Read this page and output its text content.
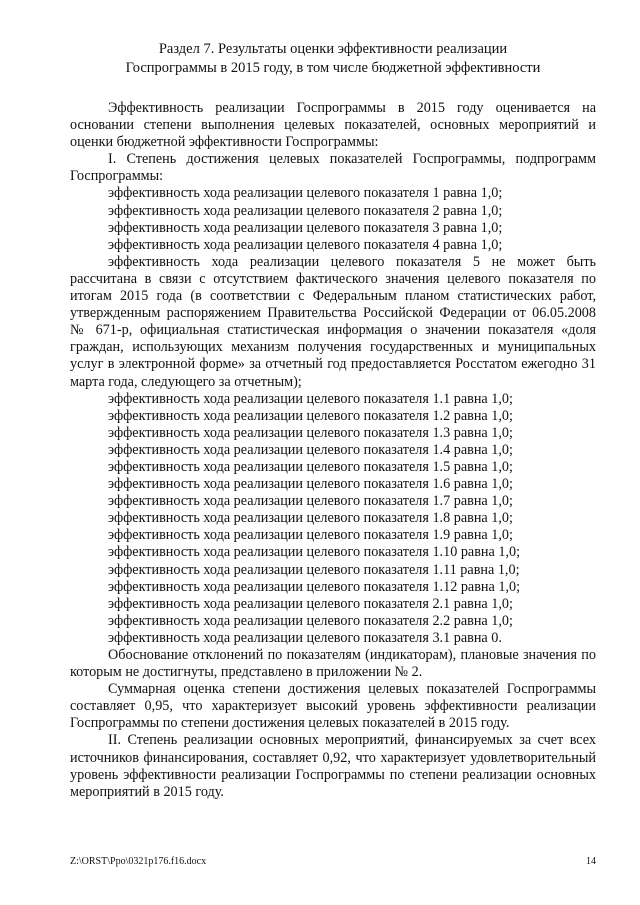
Раздел 7. Результаты оценки эффективности реализации
Госпрограммы в 2015 году, в том числе бюджетной эффективности

Эффективность реализации Госпрограммы в 2015 году оценивается на основании степени выполнения целевых показателей, основных мероприятий и оценки бюджетной эффективности Госпрограммы:

I. Степень достижения целевых показателей Госпрограммы, подпрограмм Госпрограммы:

эффективность хода реализации целевого показателя 1 равна 1,0;

эффективность хода реализации целевого показателя 2 равна 1,0;

эффективность хода реализации целевого показателя 3 равна 1,0;

эффективность хода реализации целевого показателя 4 равна 1,0;

эффективность хода реализации целевого показателя 5 не может быть рассчитана в связи с отсутствием фактического значения целевого показателя по итогам 2015 года (в соответствии с Федеральным планом статистических работ, утвержденным распоряжением Правительства Российской Федерации от 06.05.2008 № 671-р, официальная статистическая информация о значении показателя «доля граждан, использующих механизм получения государственных и муниципальных услуг в электронной форме» за отчетный год предоставляется Росстатом ежегодно 31 марта года, следующего за отчетным);

эффективность хода реализации целевого показателя 1.1 равна 1,0;

эффективность хода реализации целевого показателя 1.2 равна 1,0;

эффективность хода реализации целевого показателя 1.3 равна 1,0;

эффективность хода реализации целевого показателя 1.4 равна 1,0;

эффективность хода реализации целевого показателя 1.5 равна 1,0;

эффективность хода реализации целевого показателя 1.6 равна 1,0;

эффективность хода реализации целевого показателя 1.7 равна 1,0;

эффективность хода реализации целевого показателя 1.8 равна 1,0;

эффективность хода реализации целевого показателя 1.9 равна 1,0;

эффективность хода реализации целевого показателя 1.10 равна 1,0;

эффективность хода реализации целевого показателя 1.11 равна 1,0;

эффективность хода реализации целевого показателя 1.12 равна 1,0;

эффективность хода реализации целевого показателя 2.1 равна 1,0;

эффективность хода реализации целевого показателя 2.2 равна 1,0;

эффективность хода реализации целевого показателя 3.1 равна 0.

Обоснование отклонений по показателям (индикаторам), плановые значения по которым не достигнуты, представлено в приложении № 2.

Суммарная оценка степени достижения целевых показателей Госпрограммы составляет 0,95, что характеризует высокий уровень эффективности реализации Госпрограммы по степени достижения целевых показателей в 2015 году.

II. Степень реализации основных мероприятий, финансируемых за счет всех источников финансирования, составляет 0,92, что характеризует удовлетворительный уровень эффективности реализации Госпрограммы по степени реализации основных мероприятий в 2015 году.

Z:\ORST\Ppo\0321p176.f16.docx	14
